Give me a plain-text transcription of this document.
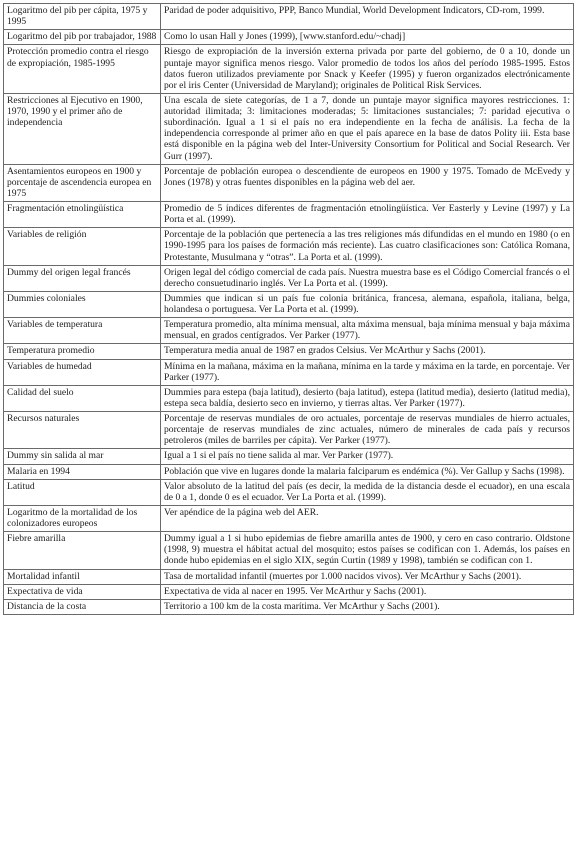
Logaritmo del pib per cápita, 1975 y 1995	Paridad de poder adquisitivo, PPP, Banco Mundial, World Development Indicators, CD-rom, 1999.
Logaritmo del pib por trabajador, 1988	Como lo usan Hall y Jones (1999), [www.stanford.edu/~chadj]
Protección promedio contra el riesgo de expropiación, 1985-1995	Riesgo de expropiación de la inversión externa privada por parte del gobierno, de 0 a 10, donde un puntaje mayor significa menos riesgo. Valor promedio de todos los años del período 1985-1995. Estos datos fueron utilizados previamente por Snack y Keefer (1995) y fueron organizados electrónicamente por el iris Center (Universidad de Maryland); originales de Political Risk Services.
Restricciones al Ejecutivo en 1900, 1970, 1990 y el primer año de independencia	Una escala de siete categorías, de 1 a 7, donde un puntaje mayor significa mayores restricciones. 1: autoridad ilimitada; 3: limitaciones moderadas; 5: limitaciones sustanciales; 7: paridad ejecutiva o subordinación. Igual a 1 si el país no era independiente en la fecha de análisis. La fecha de la independencia corresponde al primer año en que el país aparece en la base de datos Polity iii. Esta base está disponible en la página web del Inter-University Consortium for Political and Social Research. Ver Gurr (1997).
Asentamientos europeos en 1900 y porcentaje de ascendencia europea en 1975	Porcentaje de población europea o descendiente de europeos en 1900 y 1975. Tomado de McEvedy y Jones (1978) y otras fuentes disponibles en la página web del aer.
Fragmentación etnolingüística	Promedio de 5 índices diferentes de fragmentación etnolingüística. Ver Easterly y Levine (1997) y La Porta et al. (1999).
Variables de religión	Porcentaje de la población que pertenecía a las tres religiones más difundidas en el mundo en 1980 (o en 1990-1995 para los países de formación más reciente). Las cuatro clasificaciones son: Católica Romana, Protestante, Musulmana y “otras”. La Porta et al. (1999).
Dummy del origen legal francés	Origen legal del código comercial de cada país. Nuestra muestra base es el Código Comercial francés o el derecho consuetudinario inglés. Ver La Porta et al. (1999).
Dummies coloniales	Dummies que indican si un país fue colonia británica, francesa, alemana, española, italiana, belga, holandesa o portuguesa. Ver La Porta et al. (1999).
Variables de temperatura	Temperatura promedio, alta mínima mensual, alta máxima mensual, baja mínima mensual y baja máxima mensual, en grados centígrados. Ver Parker (1977).
Temperatura promedio	Temperatura media anual de 1987 en grados Celsius. Ver McArthur y Sachs (2001).
Variables de humedad	Mínima en la mañana, máxima en la mañana, mínima en la tarde y máxima en la tarde, en porcentaje. Ver Parker (1977).
Calidad del suelo	Dummies para estepa (baja latitud), desierto (baja latitud), estepa (latitud media), desierto (latitud media), estepa seca baldía, desierto seco en invierno, y tierras altas. Ver Parker (1977).
Recursos naturales	Porcentaje de reservas mundiales de oro actuales, porcentaje de reservas mundiales de hierro actuales, porcentaje de reservas mundiales de zinc actuales, número de minerales de cada país y recursos petroleros (miles de barriles per cápita). Ver Parker (1977).
Dummy sin salida al mar	Igual a 1 si el país no tiene salida al mar. Ver Parker (1977).
Malaria en 1994	Población que vive en lugares donde la malaria falciparum es endémica (%). Ver Gallup y Sachs (1998).
Latitud	Valor absoluto de la latitud del país (es decir, la medida de la distancia desde el ecuador), en una escala de 0 a 1, donde 0 es el ecuador. Ver La Porta et al. (1999).
Logaritmo de la mortalidad de los colonizadores europeos	Ver apéndice de la página web del AER.
Fiebre amarilla	Dummy igual a 1 si hubo epidemias de fiebre amarilla antes de 1900, y cero en caso contrario. Oldstone (1998, 9) muestra el hábitat actual del mosquito; estos países se codifican con 1. Además, los países en donde hubo epidemias en el siglo XIX, según Curtin (1989 y 1998), también se codifican con 1.
Mortalidad infantil	Tasa de mortalidad infantil (muertes por 1.000 nacidos vivos). Ver McArthur y Sachs (2001).
Expectativa de vida	Expectativa de vida al nacer en 1995. Ver McArthur y Sachs (2001).
Distancia de la costa	Territorio a 100 km de la costa marítima. Ver McArthur y Sachs (2001).
